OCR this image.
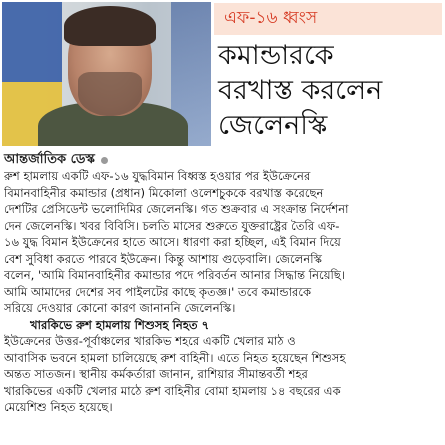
এফ-১৬ ধ্বংস
কমান্ডারকে
বরখাস্ত করলেন
জেলেনস্কি
আন্তর্জাতিক ডেস্ক
রুশ হামলায় একটি এফ-১৬ যুদ্ধবিমান বিধ্বস্ত হওয়ার পর ইউক্রেনের
বিমানবাহিনীর কমান্ডার (প্রধান) মিকোলা ওলেশচুককে বরখাস্ত করেছেন
দেশটির প্রেসিডেন্ট ভলোদিমির জেলেনস্কি। গত শুক্রবার এ সংক্রান্ত নির্দেশনা
দেন জেলেনস্কি। খবর বিবিসি। চলতি মাসের শুরুতে যুক্তরাষ্ট্রের তৈরি এফ-
১৬ যুদ্ধ বিমান ইউক্রেনের হাতে আসে। ধারণা করা হচ্ছিল, এই বিমান দিয়ে
বেশ সুবিধা করতে পারবে ইউক্রেন। কিন্তু আশায় গুড়েবালি। জেলেনস্কি
বলেন, 'আমি বিমানবাহিনীর কমান্ডার পদে পরিবর্তন আনার সিদ্ধান্ত নিয়েছি।
আমি আমাদের দেশের সব পাইলটের কাছে কৃতজ্ঞ।' তবে কমান্ডারকে
সরিয়ে দেওয়ার কোনো কারণ জানাননি জেলেনস্কি।
খারকিভে রুশ হামলায় শিশুসহ নিহত ৭
ইউক্রেনের উত্তর-পূর্বাঞ্চলের খারকিভ শহরে একটি খেলার মাঠ ও
আবাসিক ভবনে হামলা চালিয়েছে রুশ বাহিনী। এতে নিহত হয়েছেন শিশুসহ
অন্তত সাতজন। স্থানীয় কর্মকর্তারা জানান, রাশিয়ার সীমান্তবর্তী শহর
খারকিভের একটি খেলার মাঠে রুশ বাহিনীর বোমা হামলায় ১৪ বছরের এক
মেয়েশিশু নিহত হয়েছে।
